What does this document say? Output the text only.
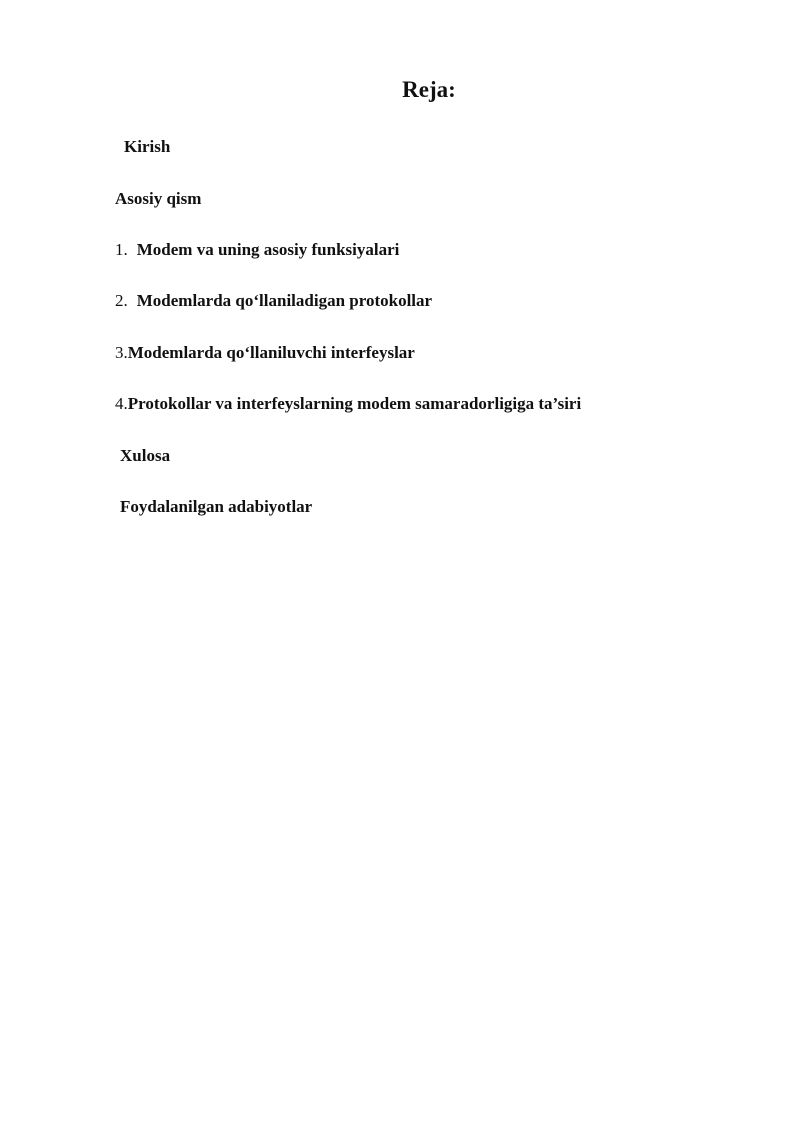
Reja:
Kirish
Asosiy qism
1. Modem va uning asosiy funksiyalari
2. Modemlarda qo‘llaniladigan protokollar
3.Modemlarda qo‘llaniluvchi interfeyslar
4.Protokollar va interfeyslarning modem samaradorligiga ta’siri
Xulosa
Foydalanilgan adabiyotlar
